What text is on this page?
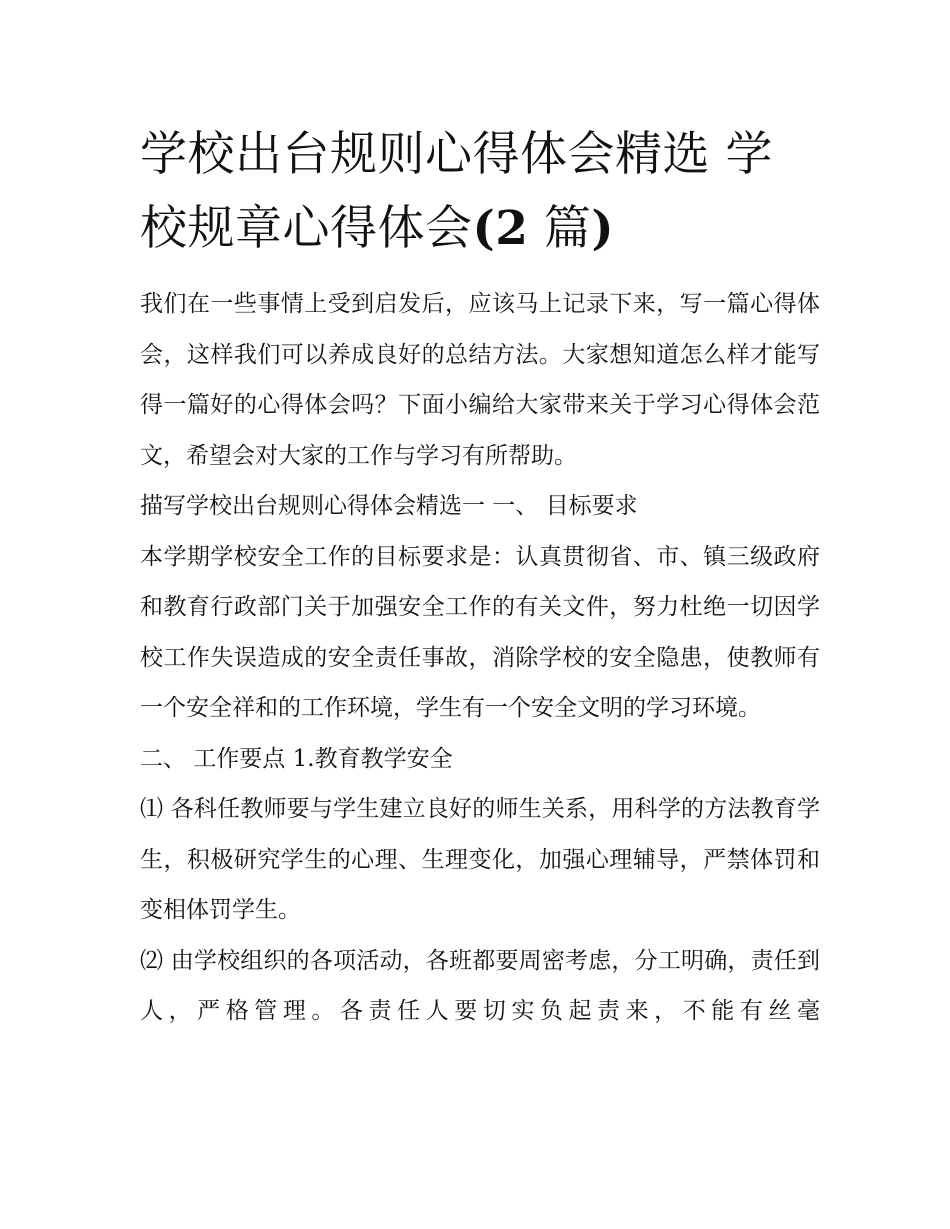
学校出台规则心得体会精选 学
校规章心得体会(2 篇)

我们在一些事情上受到启发后，应该马上记录下来，写一篇心得体会，这样我们可以养成良好的总结方法。大家想知道怎么样才能写得一篇好的心得体会吗？下面小编给大家带来关于学习心得体会范文，希望会对大家的工作与学习有所帮助。

描写学校出台规则心得体会精选一 一、 目标要求

本学期学校安全工作的目标要求是：认真贯彻省、市、镇三级政府和教育行政部门关于加强安全工作的有关文件，努力杜绝一切因学校工作失误造成的安全责任事故，消除学校的安全隐患，使教师有一个安全祥和的工作环境，学生有一个安全文明的学习环境。

二、 工作要点 1.教育教学安全

⑴ 各科任教师要与学生建立良好的师生关系，用科学的方法教育学生，积极研究学生的心理、生理变化，加强心理辅导，严禁体罚和变相体罚学生。

⑵ 由学校组织的各项活动，各班都要周密考虑，分工明确，责任到人，严格管理。各责任人要切实负起责来，不能有丝毫
